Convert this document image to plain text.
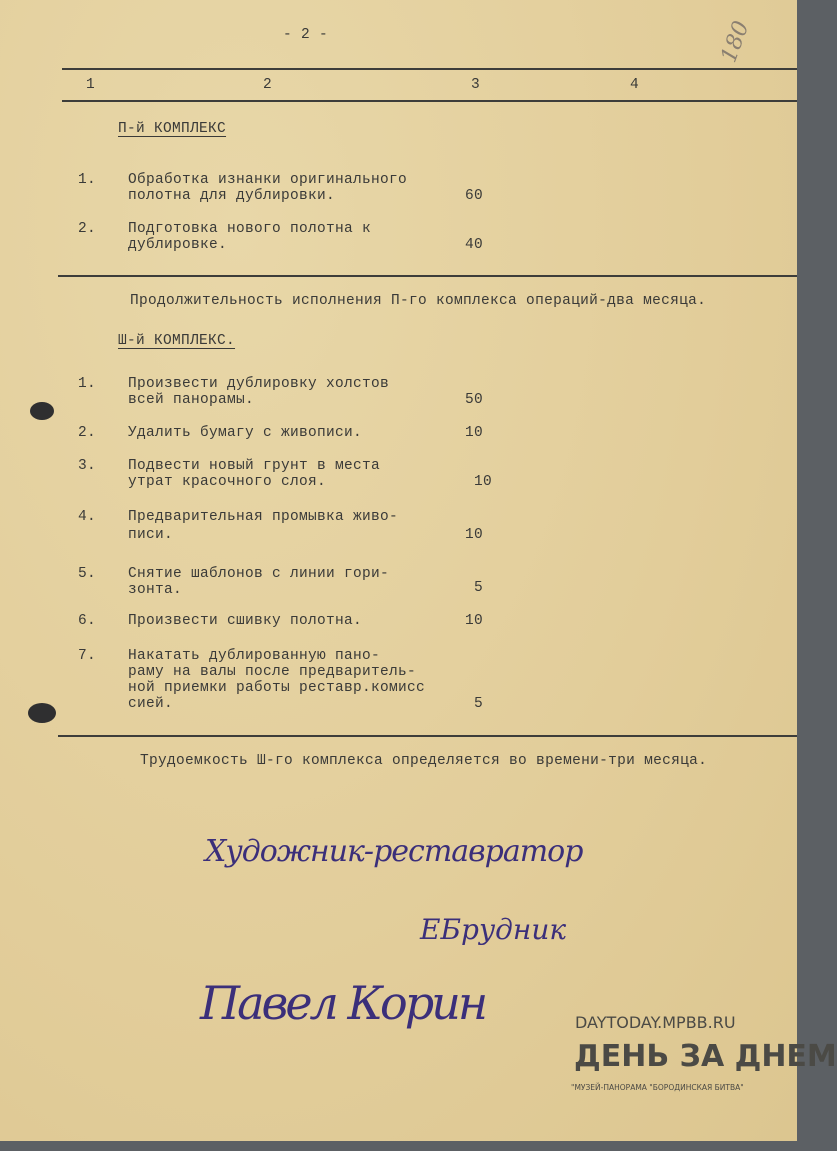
- 2 -	180
1	2	3	4
П-й КОМПЛЕКС
1. Обработка изнанки оригинального
полотна для дублировки.	60
2. Подготовка нового полотна к
дублировке.	40
Продолжительность исполнения П-го комплекса операций-два месяца.
Ш-й КОМПЛЕКС.
1. Произвести дублировку холстов
всей панорамы.	50
2. Удалить бумагу с живописи.	10
3. Подвести новый грунт в места
утрат красочного слоя.	10
4. Предварительная промывка живо-
писи.	10
5. Снятие шаблонов с линии гори-
зонта.	5
6. Произвести сшивку полотна.	10
7. Накатать дублированную пано-
раму на валы после предваритель-
ной приемки работы реставр.комисс
сией.	5
Трудоемкость Ш-го комплекса определяется во времени-три месяца.
Художник-реставратор
ЕБрудник
Павел Корин	DAYTODAY.MPBB.RU
ДЕНЬ ЗА ДНЕМ
"МУЗЕЙ-ПАНОРАМА "БОРОДИНСКАЯ БИТВА"
